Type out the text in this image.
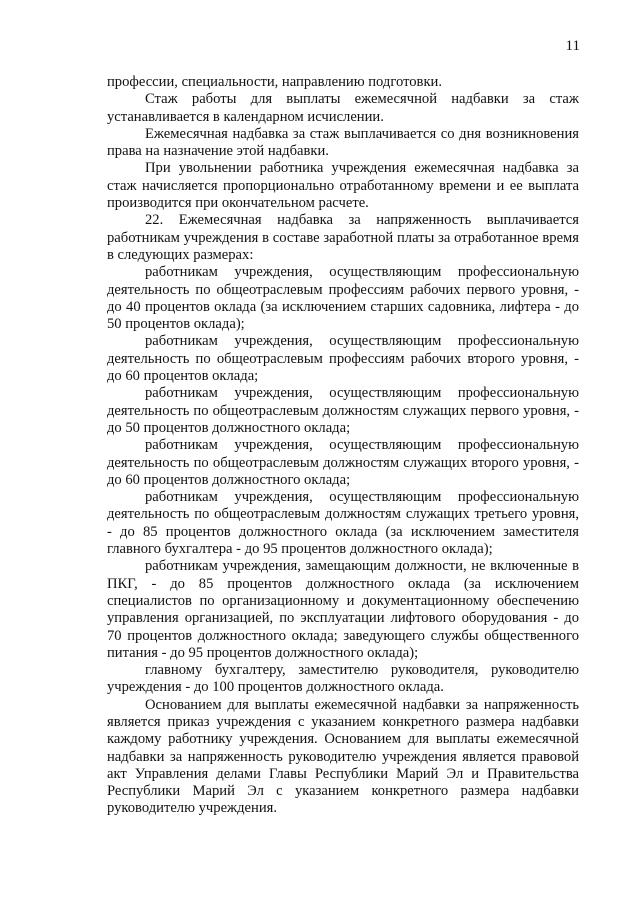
11

профессии, специальности, направлению подготовки.

Стаж работы для выплаты ежемесячной надбавки за стаж устанавливается в календарном исчислении.

Ежемесячная надбавка за стаж выплачивается со дня возникновения права на назначение этой надбавки.

При увольнении работника учреждения ежемесячная надбавка за стаж начисляется пропорционально отработанному времени и ее выплата производится при окончательном расчете.

22. Ежемесячная надбавка за напряженность выплачивается работникам учреждения в составе заработной платы за отработанное время в следующих размерах:

работникам учреждения, осуществляющим профессиональную деятельность по общеотраслевым профессиям рабочих первого уровня, - до 40 процентов оклада (за исключением старших садовника, лифтера - до 50 процентов оклада);

работникам учреждения, осуществляющим профессиональную деятельность по общеотраслевым профессиям рабочих второго уровня, - до 60 процентов оклада;

работникам учреждения, осуществляющим профессиональную деятельность по общеотраслевым должностям служащих первого уровня, - до 50 процентов должностного оклада;

работникам учреждения, осуществляющим профессиональную деятельность по общеотраслевым должностям служащих второго уровня, - до 60 процентов должностного оклада;

работникам учреждения, осуществляющим профессиональную деятельность по общеотраслевым должностям служащих третьего уровня, - до 85 процентов должностного оклада (за исключением заместителя главного бухгалтера - до 95 процентов должностного оклада);

работникам учреждения, замещающим должности, не включенные в ПКГ, - до 85 процентов должностного оклада (за исключением специалистов по организационному и документационному обеспечению управления организацией, по эксплуатации лифтового оборудования - до 70 процентов должностного оклада; заведующего службы общественного питания - до 95 процентов должностного оклада);

главному бухгалтеру, заместителю руководителя, руководителю учреждения - до 100 процентов должностного оклада.

Основанием для выплаты ежемесячной надбавки за напряженность является приказ учреждения с указанием конкретного размера надбавки каждому работнику учреждения. Основанием для выплаты ежемесячной надбавки за напряженность руководителю учреждения является правовой акт Управления делами Главы Республики Марий Эл и Правительства Республики Марий Эл с указанием конкретного размера надбавки руководителю учреждения.
